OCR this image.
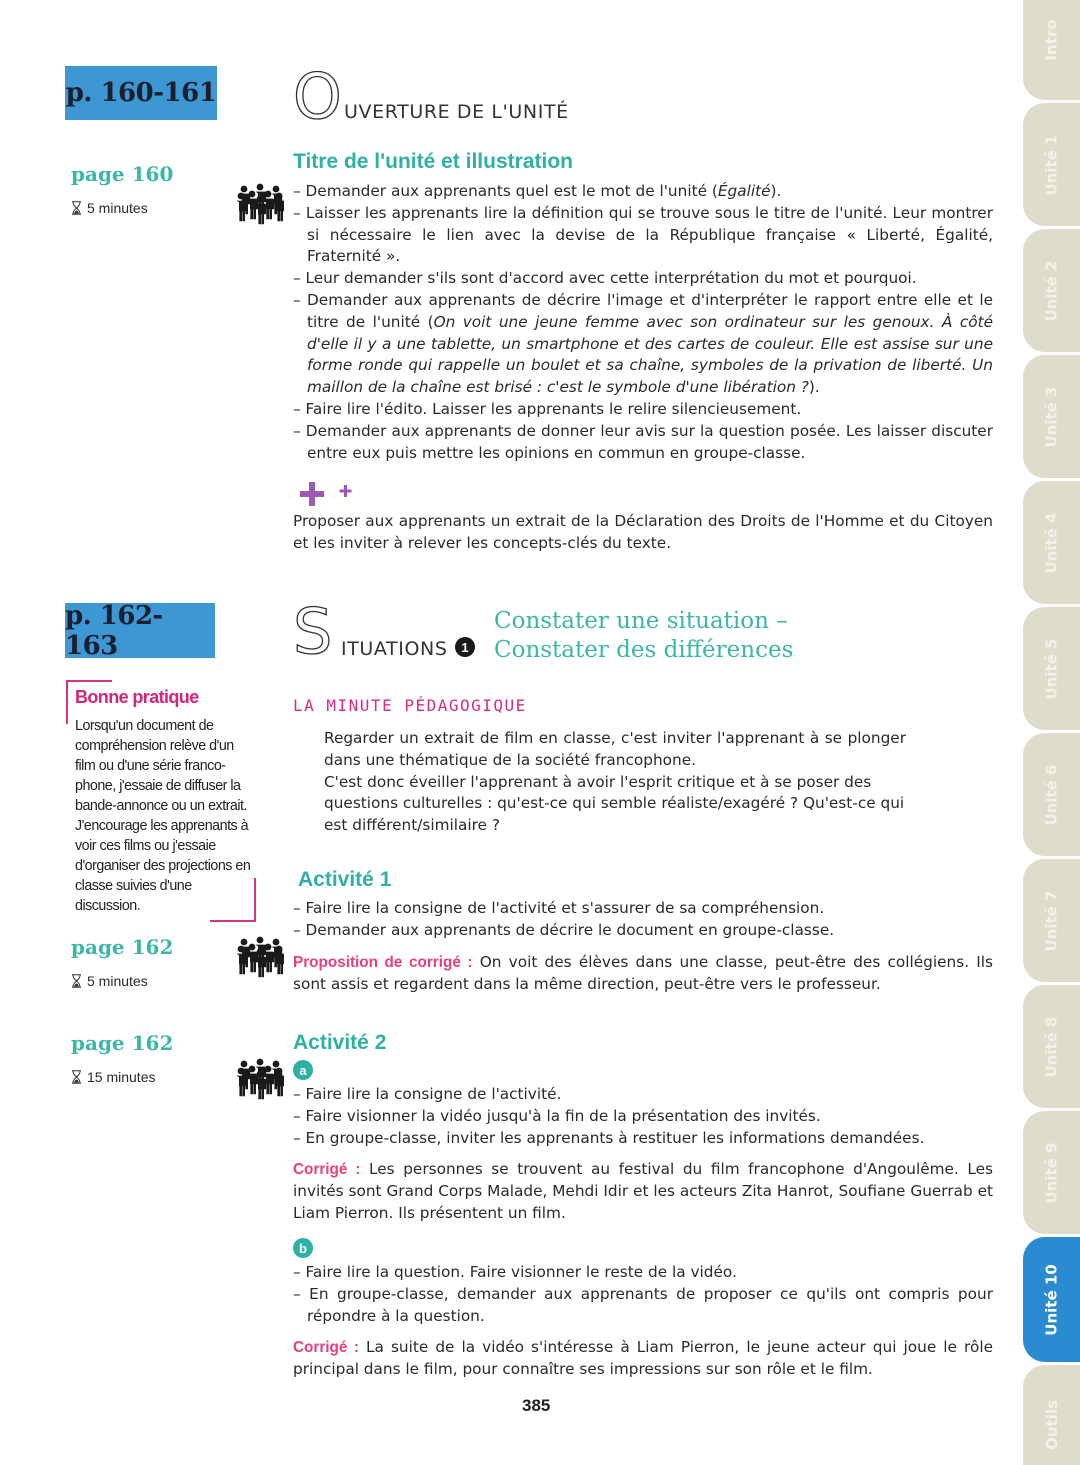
p. 160-161 O UVERTURE DE L'UNITÉ
page 160
5 minutes
Titre de l'unité et illustration
– Demander aux apprenants quel est le mot de l'unité (Égalité).
– Laisser les apprenants lire la définition qui se trouve sous le titre de l'unité. Leur montrer si nécessaire le lien avec la devise de la République française « Liberté, Égalité, Fraternité ».
– Leur demander s'ils sont d'accord avec cette interprétation du mot et pourquoi.
– Demander aux apprenants de décrire l'image et d'interpréter le rapport entre elle et le titre de l'unité (On voit une jeune femme avec son ordinateur sur les genoux. À côté d'elle il y a une tablette, un smartphone et des cartes de couleur. Elle est assise sur une forme ronde qui rappelle un boulet et sa chaîne, symboles de la privation de liberté. Un maillon de la chaîne est brisé : c'est le symbole d'une libération ?).
– Faire lire l'édito. Laisser les apprenants le relire silencieusement.
– Demander aux apprenants de donner leur avis sur la question posée. Les laisser discuter entre eux puis mettre les opinions en commun en groupe-classe.
Proposer aux apprenants un extrait de la Déclaration des Droits de l'Homme et du Citoyen et les inviter à relever les concepts-clés du texte.
p. 162-163	S ITUATIONS	1
Constater une situation –
Constater des différences
LA MINUTE PÉDAGOGIQUE
Regarder un extrait de film en classe, c'est inviter l'apprenant à se plonger dans une thématique de la société francophone.
C'est donc éveiller l'apprenant à avoir l'esprit critique et à se poser des questions culturelles : qu'est-ce qui semble réaliste/exagéré ? Qu'est-ce qui est différent/similaire ?
Bonne pratique
Lorsqu'un document de compréhension relève d'un film ou d'une série franco-phone, j'essaie de diffuser la bande-annonce ou un extrait. J'encourage les apprenants à voir ces films ou j'essaie d'organiser des projections en classe suivies d'une discussion.
Activité 1
page 162
5 minutes
– Faire lire la consigne de l'activité et s'assurer de sa compréhension.
– Demander aux apprenants de décrire le document en groupe-classe.
Proposition de corrigé : On voit des élèves dans une classe, peut-être des collégiens. Ils sont assis et regardent dans la même direction, peut-être vers le professeur.
Activité 2
page 162
15 minutes	a
– Faire lire la consigne de l'activité.
– Faire visionner la vidéo jusqu'à la fin de la présentation des invités.
– En groupe-classe, inviter les apprenants à restituer les informations demandées.
Corrigé : Les personnes se trouvent au festival du film francophone d'Angoulême. Les invités sont Grand Corps Malade, Mehdi Idir et les acteurs Zita Hanrot, Soufiane Guerrab et Liam Pierron. Ils présentent un film.
b
– Faire lire la question. Faire visionner le reste de la vidéo.
– En groupe-classe, demander aux apprenants de proposer ce qu'ils ont compris pour répondre à la question.
Corrigé : La suite de la vidéo s'intéresse à Liam Pierron, le jeune acteur qui joue le rôle principal dans le film, pour connaître ses impressions sur son rôle et le film.
385
Intro
Unité 1
Unité 2
Unité 3
Unité 4
Unité 5
Unité 6
Unité 7
Unité 8
Unité 9
Unité 10
Outils
